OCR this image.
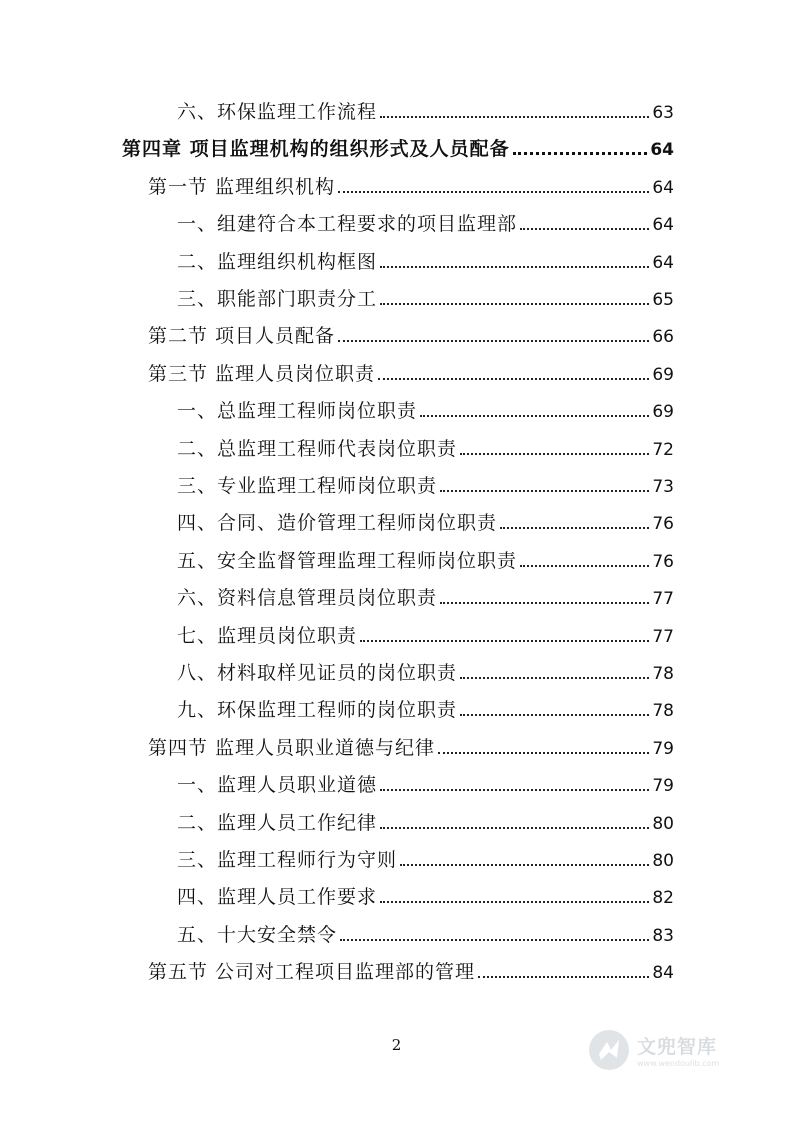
六、环保监理工作流程	63
第四章 项目监理机构的组织形式及人员配备	64
第一节 监理组织机构	64
一、组建符合本工程要求的项目监理部	64
二、监理组织机构框图	64
三、职能部门职责分工	65
第二节 项目人员配备	66
第三节 监理人员岗位职责	69
一、总监理工程师岗位职责	69
二、总监理工程师代表岗位职责	72
三、专业监理工程师岗位职责	73
四、合同、造价管理工程师岗位职责	76
五、安全监督管理监理工程师岗位职责	76
六、资料信息管理员岗位职责	77
七、监理员岗位职责	77
八、材料取样见证员的岗位职责	78
九、环保监理工程师的岗位职责	78
第四节 监理人员职业道德与纪律	79
一、监理人员职业道德	79
二、监理人员工作纪律	80
三、监理工程师行为守则	80
四、监理人员工作要求	82
五、十大安全禁令	83
第五节 公司对工程项目监理部的管理	84
2	文兜智库
www.wendoulib.com
